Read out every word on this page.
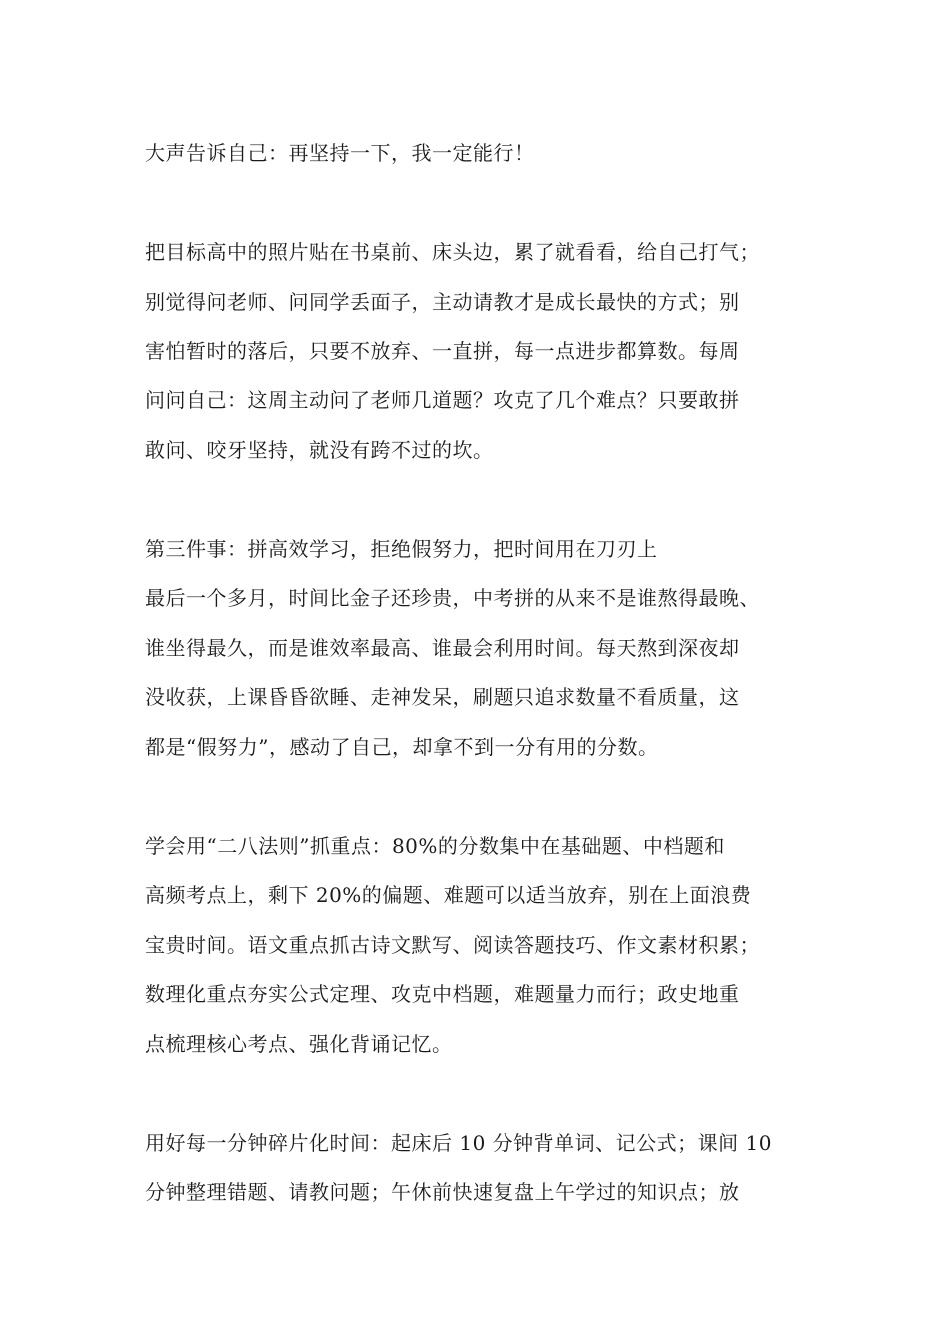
大声告诉自己：再坚持一下，我一定能行！
把目标高中的照片贴在书桌前、床头边，累了就看看，给自己打气；
别觉得问老师、问同学丢面子，主动请教才是成长最快的方式；别
害怕暂时的落后，只要不放弃、一直拼，每一点进步都算数。每周
问问自己：这周主动问了老师几道题？攻克了几个难点？只要敢拼
敢问、咬牙坚持，就没有跨不过的坎。
第三件事：拼高效学习，拒绝假努力，把时间用在刀刃上
最后一个多月，时间比金子还珍贵，中考拼的从来不是谁熬得最晚、
谁坐得最久，而是谁效率最高、谁最会利用时间。每天熬到深夜却
没收获，上课昏昏欲睡、走神发呆，刷题只追求数量不看质量，这
都是“假努力”，感动了自己，却拿不到一分有用的分数。
学会用“二八法则”抓重点：80%的分数集中在基础题、中档题和
高频考点上，剩下 20%的偏题、难题可以适当放弃，别在上面浪费
宝贵时间。语文重点抓古诗文默写、阅读答题技巧、作文素材积累；
数理化重点夯实公式定理、攻克中档题，难题量力而行；政史地重
点梳理核心考点、强化背诵记忆。
用好每一分钟碎片化时间：起床后 10 分钟背单词、记公式；课间 10
分钟整理错题、请教问题；午休前快速复盘上午学过的知识点；放
